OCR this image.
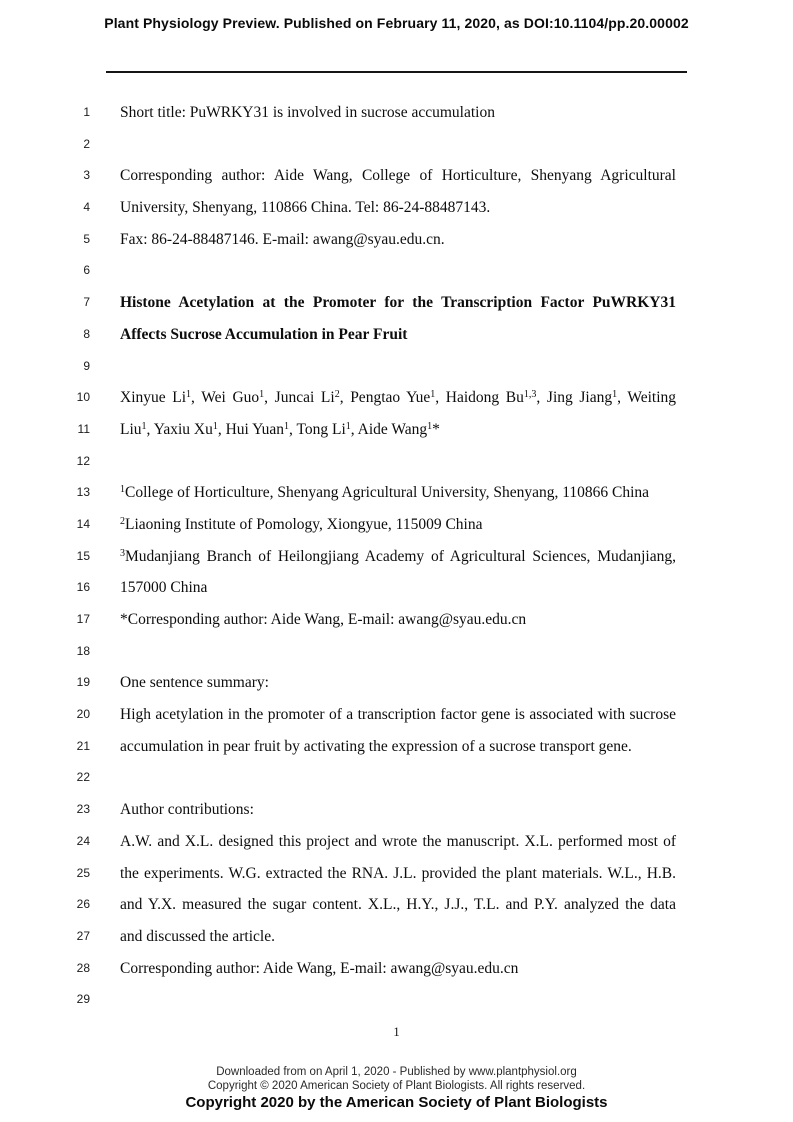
Plant Physiology Preview. Published on February 11, 2020, as DOI:10.1104/pp.20.00002
1 Short title: PuWRKY31 is involved in sucrose accumulation
2
3 Corresponding author: Aide Wang, College of Horticulture, Shenyang Agricultural
4 University, Shenyang, 110866 China. Tel: 86-24-88487143.
5 Fax: 86-24-88487146. E-mail: awang@syau.edu.cn.
6
7 Histone Acetylation at the Promoter for the Transcription Factor PuWRKY31
8 Affects Sucrose Accumulation in Pear Fruit
9
10 Xinyue Li$^1$, Wei Guo$^1$, Juncai Li$^2$, Pengtao Yue$^1$, Haidong Bu$^{1,3}$, Jing Jiang$^1$, Weiting
11 Liu$^1$, Yaxiu Xu$^1$, Hui Yuan$^1$, Tong Li$^1$, Aide Wang$^1$*
12
13	$^1$College of Horticulture, Shenyang Agricultural University, Shenyang, 110866 China
14	$^2$Liaoning Institute of Pomology, Xiongyue, 115009 China
15	$^3$Mudanjiang Branch of Heilongjiang Academy of Agricultural Sciences, Mudanjiang,
16 157000 China
17 *Corresponding author: Aide Wang, E-mail: awang@syau.edu.cn
18
19 One sentence summary:
20 High acetylation in the promoter of a transcription factor gene is associated with sucrose
21 accumulation in pear fruit by activating the expression of a sucrose transport gene.
22
23 Author contributions:
24 A.W. and X.L. designed this project and wrote the manuscript. X.L. performed most of
25 the experiments. W.G. extracted the RNA. J.L. provided the plant materials. W.L., H.B.
26 and Y.X. measured the sugar content. X.L., H.Y., J.J., T.L. and P.Y. analyzed the data
27 and discussed the article.
28 Corresponding author: Aide Wang, E-mail: awang@syau.edu.cn
29
1
Downloaded from on April 1, 2020 - Published by www.plantphysiol.org
Copyright © 2020 American Society of Plant Biologists. All rights reserved.
Copyright 2020 by the American Society of Plant Biologists
